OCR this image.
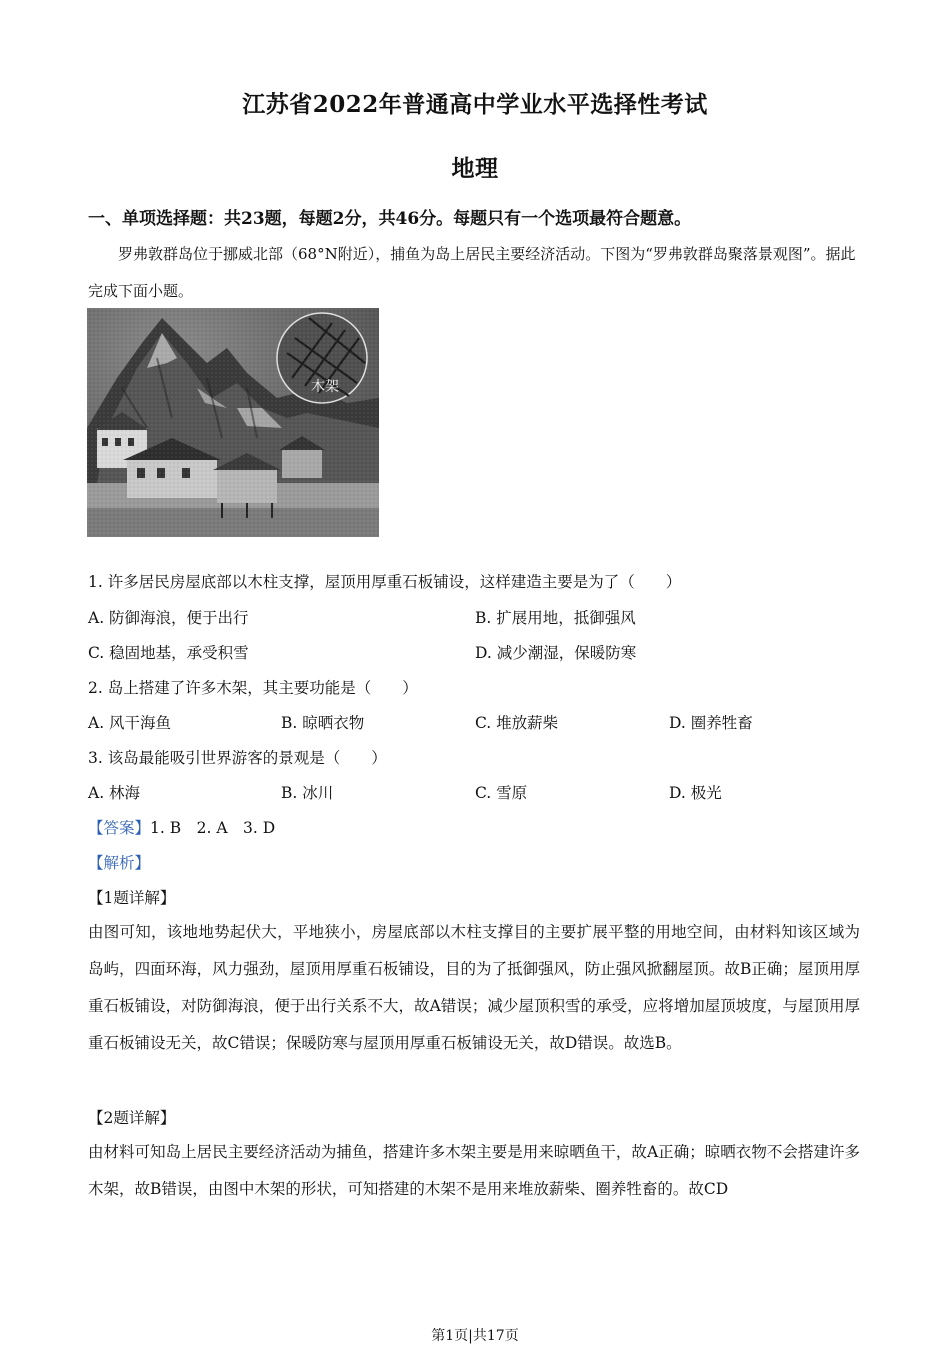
江苏省2022年普通高中学业水平选择性考试
地理
一、单项选择题：共23题，每题2分，共46分。每题只有一个选项最符合题意。
罗弗敦群岛位于挪威北部（68°N附近），捕鱼为岛上居民主要经济活动。下图为“罗弗敦群岛聚落景观图”。据此完成下面小题。
木架
1. 许多居民房屋底部以木柱支撑，屋顶用厚重石板铺设，这样建造主要是为了（　　）
A. 防御海浪，便于出行	B. 扩展用地，抵御强风
C. 稳固地基，承受积雪	D. 减少潮湿，保暖防寒
2. 岛上搭建了许多木架，其主要功能是（　　）
A. 风干海鱼	B. 晾晒衣物	C. 堆放薪柴	D. 圈养牲畜
3. 该岛最能吸引世界游客的景观是（　　）
A. 林海	B. 冰川	C. 雪原	D. 极光
【答案】1. B　2. A　3. D
【解析】
【1题详解】
由图可知，该地地势起伏大，平地狭小，房屋底部以木柱支撑目的主要扩展平整的用地空间，由材料知该区域为岛屿，四面环海，风力强劲，屋顶用厚重石板铺设，目的为了抵御强风，防止强风掀翻屋顶。故B正确；屋顶用厚重石板铺设，对防御海浪，便于出行关系不大，故A错误；减少屋顶积雪的承受，应将增加屋顶坡度，与屋顶用厚重石板铺设无关，故C错误；保暖防寒与屋顶用厚重石板铺设无关，故D错误。故选B。
【2题详解】
由材料可知岛上居民主要经济活动为捕鱼，搭建许多木架主要是用来晾晒鱼干，故A正确；晾晒衣物不会搭建许多木架，故B错误，由图中木架的形状，可知搭建的木架不是用来堆放薪柴、圈养牲畜的。故CD
第1页|共17页
